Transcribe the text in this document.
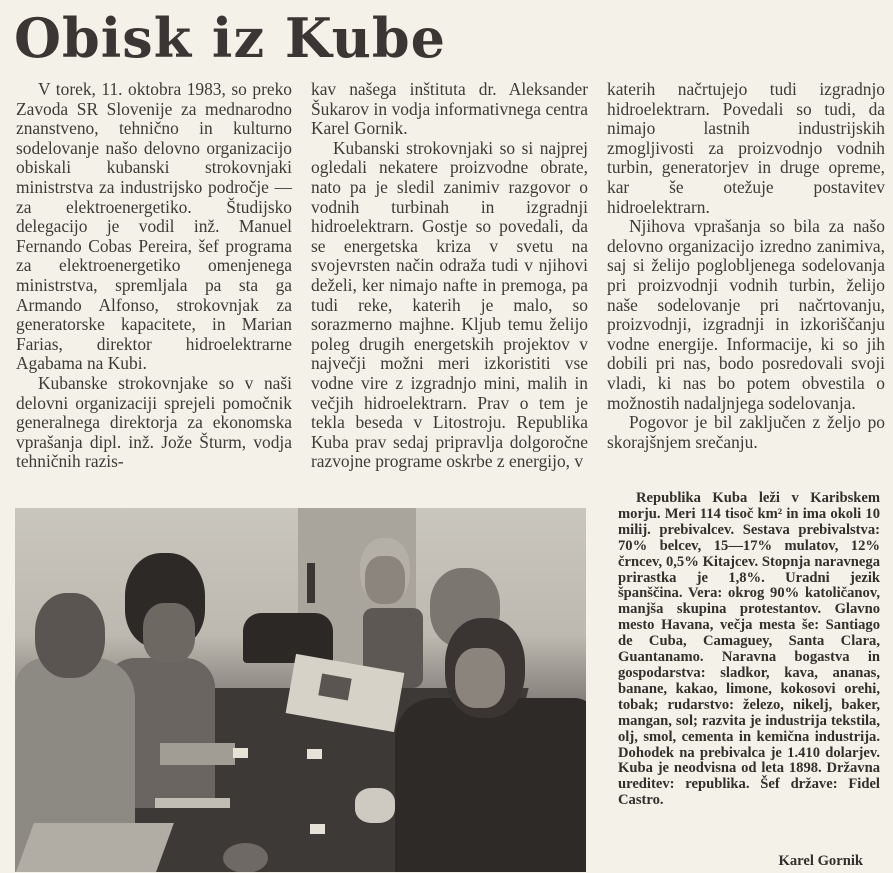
Obisk iz Kube

V torek, 11. oktobra 1983, so preko Zavoda SR Slovenije za mednarodno znanstveno, tehnično in kulturno sodelovanje našo delovno organizacijo obiskali kubanski strokovnjaki ministrstva za industrijsko področje — za elektroenergetiko. Študijsko delegacijo je vodil inž. Manuel Fernando Cobas Pereira, šef programa za elektroenergetiko omenjenega ministrstva, spremljala pa sta ga Armando Alfonso, strokovnjak za generatorske kapacitete, in Marian Farias, direktor hidroelektrarne Agabama na Kubi.

Kubanske strokovnjake so v naši delovni organizaciji sprejeli pomočnik generalnega direktorja za ekonomska vprašanja dipl. inž. Jože Šturm, vodja tehničnih razis-

kav našega inštituta dr. Aleksander Šukarov in vodja informativnega centra Karel Gornik.

Kubanski strokovnjaki so si najprej ogledali nekatere proizvodne obrate, nato pa je sledil zanimiv razgovor o vodnih turbinah in izgradnji hidroelektrarn. Gostje so povedali, da se energetska kriza v svetu na svojevrsten način odraža tudi v njihovi deželi, ker nimajo nafte in premoga, pa tudi reke, katerih je malo, so sorazmerno majhne. Kljub temu želijo poleg drugih energetskih projektov v največji možni meri izkoristiti vse vodne vire z izgradnjo mini, malih in večjih hidroelektrarn. Prav o tem je tekla beseda v Litostroju. Republika Kuba prav sedaj pripravlja dolgoročne razvojne programe oskrbe z energijo, v

katerih načrtujejo tudi izgradnjo hidroelektrarn. Povedali so tudi, da nimajo lastnih industrijskih zmogljivosti za proizvodnjo vodnih turbin, generatorjev in druge opreme, kar še otežuje postavitev hidroelektrarn.

Njihova vprašanja so bila za našo delovno organizacijo izredno zanimiva, saj si želijo poglobljenega sodelovanja pri proizvodnji vodnih turbin, želijo naše sodelovanje pri načrtovanju, proizvodnji, izgradnji in izkoriščanju vodne energije. Informacije, ki so jih dobili pri nas, bodo posredovali svoji vladi, ki nas bo potem obvestila o možnostih nadaljnjega sodelovanja.

Pogovor je bil zaključen z željo po skorajšnjem srečanju.

Republika Kuba leži v Karibskem morju. Meri 114 tisoč km² in ima okoli 10 milij. prebivalcev. Sestava prebivalstva: 70% belcev, 15—17% mulatov, 12% črncev, 0,5% Kitajcev. Stopnja naravnega prirastka je 1,8%. Uradni jezik španščina. Vera: okrog 90% katoličanov, manjša skupina protestantov. Glavno mesto Havana, večja mesta še: Santiago de Cuba, Camaguey, Santa Clara, Guantanamo. Naravna bogastva in gospodarstva: sladkor, kava, ananas, banane, kakao, limone, kokosovi orehi, tobak; rudarstvo: železo, nikelj, baker, mangan, sol; razvita je industrija tekstila, olj, smol, cementa in kemična industrija. Dohodek na prebivalca je 1.410 dolarjev. Kuba je neodvisna od leta 1898. Državna ureditev: republika. Šef države: Fidel Castro.

Karel Gornik
